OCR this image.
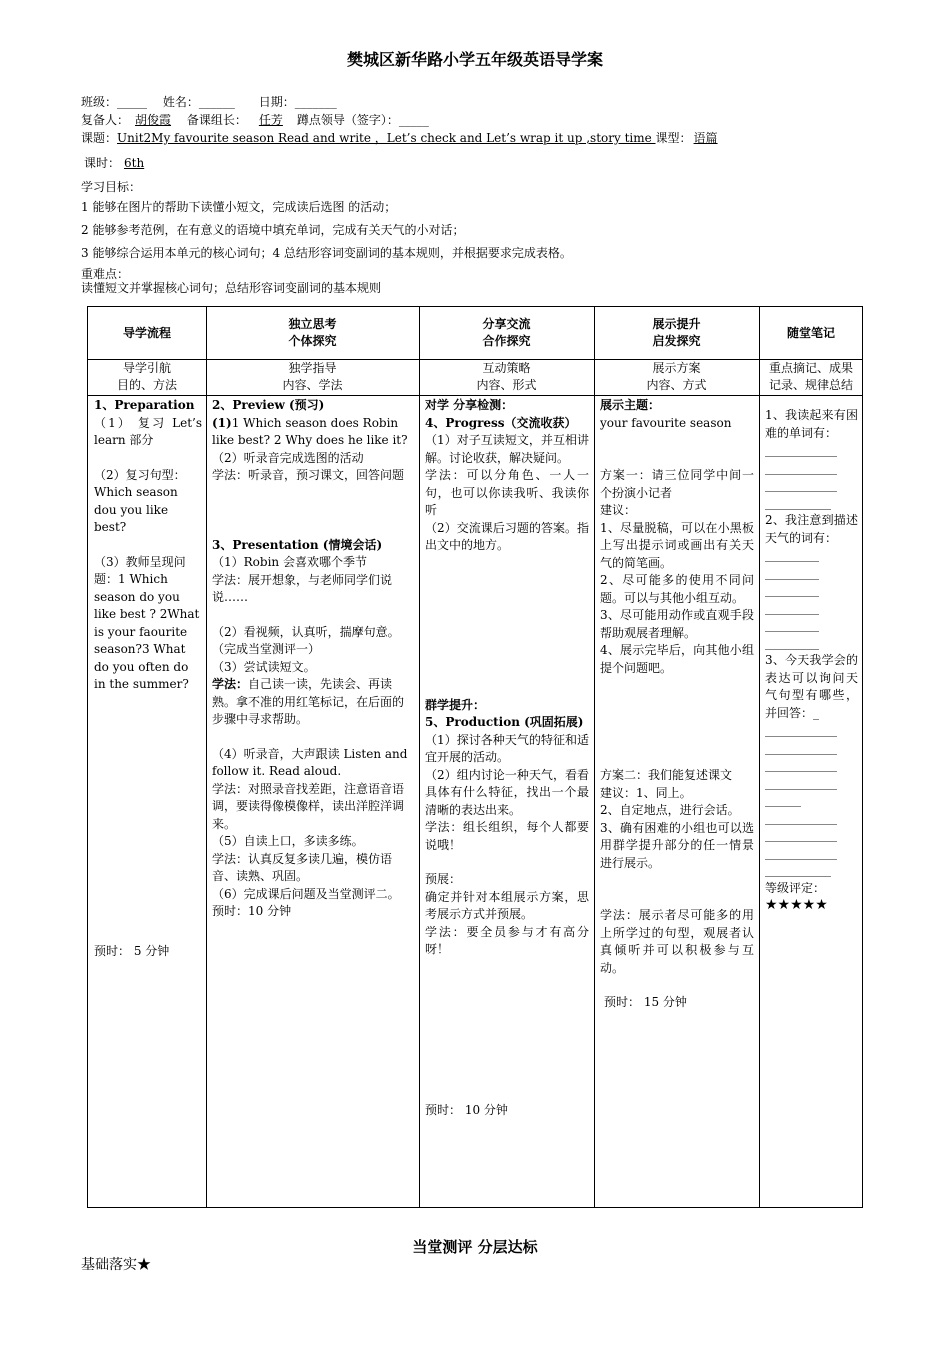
樊城区新华路小学五年级英语导学案
班级：_____ 姓名：______ 日期：_______
复备人： 胡俊霞 备课组长： 任芳 蹲点领导（签字）：_____
课题：Unit2My favourite season Read and write ，Let’s check and Let’s wrap it up ,story time 课型： 语篇
课时： 6th
学习目标：
1 能够在图片的帮助下读懂小短文，完成读后选图 的活动；
2 能够参考范例，在有意义的语境中填充单词，完成有关天气的小对话；
3 能够综合运用本单元的核心词句；4 总结形容词变副词的基本规则，并根据要求完成表格。
重难点：
读懂短文并掌握核心词句；总结形容词变副词的基本规则
导学流程
独立思考
个体探究
分享交流
合作探究
展示提升
启发探究
随堂笔记
导学引航
目的、方法
独学指导
内容、学法
互动策略
内容、形式
展示方案
内容、方式
重点摘记、成果
记录、规律总结

1、Preparation

（1） 复习 Let’s learn 部分

（2）复习句型：Which season dou you like best?

（3）教师呈现问题：1 Which season do you like best ? 2What is your faourite season?3 What do you often do in the summer?

预时： 5 分钟

2、Preview (预习)

(1)1 Which season does Robin like best? 2 Why does he like it?

（2）听录音完成选图的活动

学法：听录音，预习课文，回答问题

3、Presentation (情境会话)

（1）Robin 会喜欢哪个季节

学法：展开想象，与老师同学们说说……

（2）看视频，认真听，揣摩句意。（完成当堂测评一）

（3）尝试读短文。

学法：自己读一读，先读会、再读熟。拿不准的用红笔标记，在后面的步骤中寻求帮助。

（4）听录音，大声跟读 Listen and follow it. Read aloud.

学法：对照录音找差距，注意语音语调，要读得像模像样，读出洋腔洋调来。

（5）自读上口，多读多练。

学法：认真反复多读几遍，模仿语音、读熟、巩固。

（6）完成课后问题及当堂测评二。

预时：10 分钟

对学 分享检测：

4、Progress（交流收获）

（1）对子互读短文，并互相讲解。讨论收获，解决疑问。

学法：可以分角色、一人一句，也可以你读我听、我读你听

（2）交流课后习题的答案。指出文中的地方。

群学提升：

5、Production (巩固拓展)

（1）探讨各种天气的特征和适宜开展的活动。

（2）组内讨论一种天气，看看具体有什么特征，找出一个最清晰的表达出来。

学法：组长组织，每个人都要说哦！

预展：

确定并针对本组展示方案，思考展示方式并预展。

学法：要全员参与才有高分呀！

预时： 10 分钟

展示主题：

your favourite season

方案一：请三位同学中间一个扮演小记者

建议：

1、尽量脱稿，可以在小黑板上写出提示词或画出有关天气的简笔画。

2、尽可能多的使用不同问题。可以与其他小组互动。

3、尽可能用动作或直观手段帮助观展者理解。

4、展示完毕后，向其他小组提个问题吧。

方案二：我们能复述课文

建议：1、同上。

2、自定地点，进行会话。

3、确有困难的小组也可以选用群学提升部分的任一情景进行展示。

学法：展示者尽可能多的用上所学过的句型，观展者认真倾听并可以积极参与互动。

预时： 15 分钟

1、我读起来有困难的单词有：

____________

____________

____________

___________

2、我注意到描述天气的词有：

_________

_________

_________

_________

_________

_________

3、今天我学会的表达可以询问天气句型有哪些，并回答：_

____________

____________

____________

____________

______

____________

____________

____________

___________

等级评定：

★★★★★

当堂测评 分层达标
基础落实★
